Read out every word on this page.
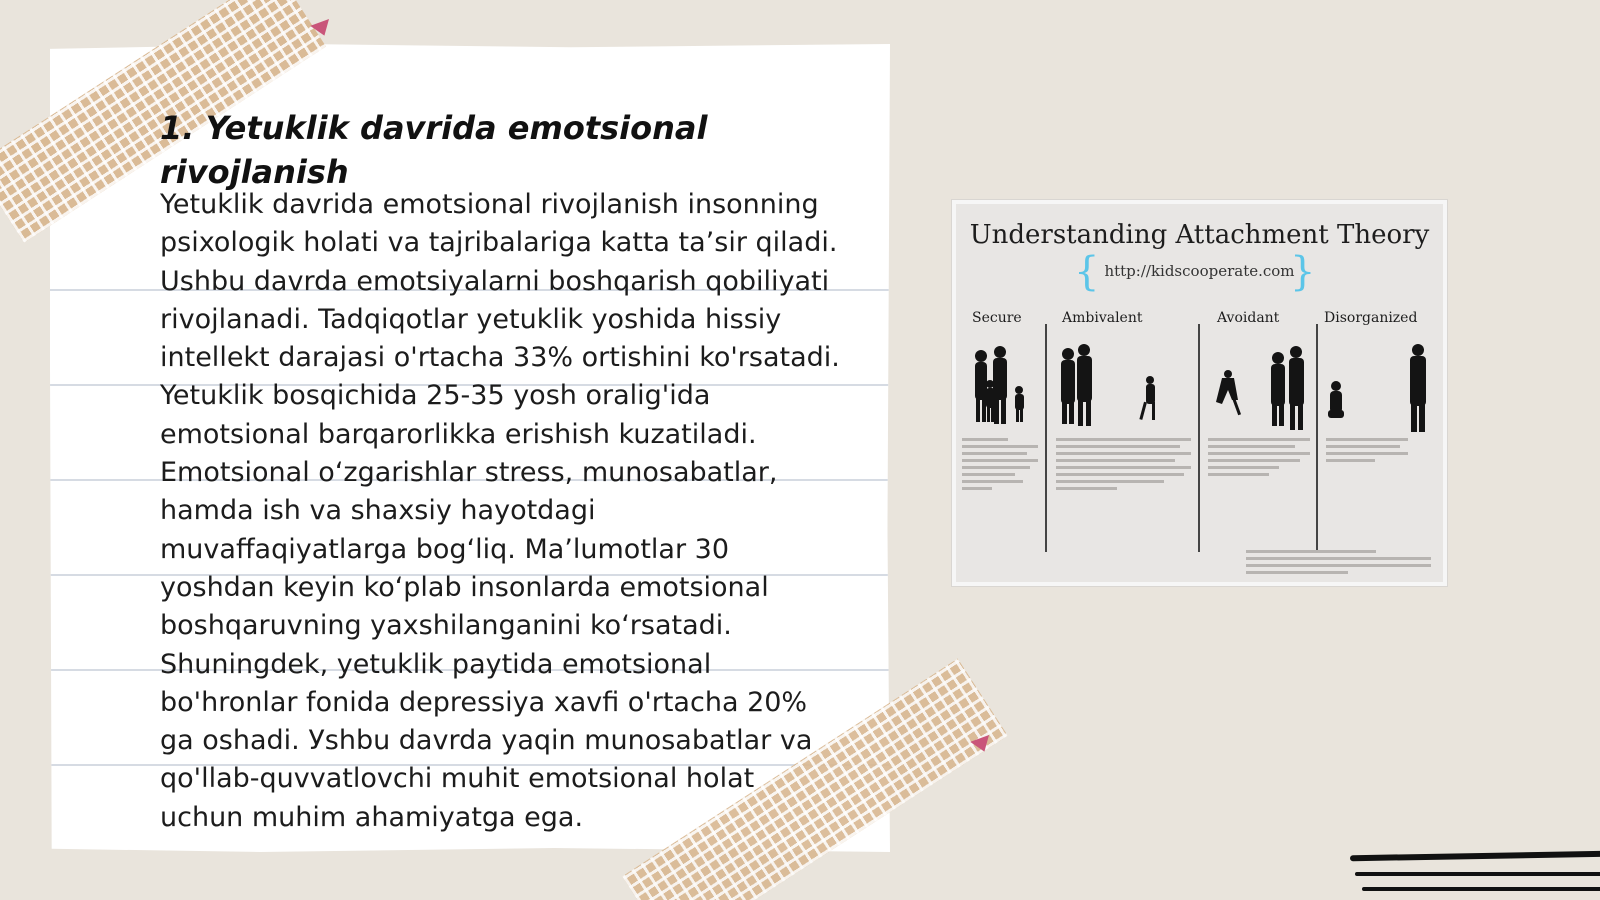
1. Yetuklik davrida emotsional rivojlanish

Yetuklik davrida emotsional rivojlanish insonning psixologik holati va tajribalariga katta ta’sir qiladi. Ushbu davrda emotsiyalarni boshqarish qobiliyati rivojlanadi. Tadqiqotlar yetuklik yoshida hissiy intellekt darajasi o'rtacha 33% ortishini ko'rsatadi. Yetuklik bosqichida 25-35 yosh oralig'ida emotsional barqarorlikka erishish kuzatiladi. Emotsional o‘zgarishlar stress, munosabatlar, hamda ish va shaxsiy hayotdagi muvaffaqiyatlarga bog‘liq. Ma’lumotlar 30 yoshdan keyin ko‘plab insonlarda emotsional boshqaruvning yaxshilanganini ko‘rsatadi. Shuningdek, yetuklik paytida emotsional bo'hronlar fonida depressiya xavfi o'rtacha 20% ga oshadi. Уshbu davrda yaqin munosabatlar va qo'llab-quvvatlovchi muhit emotsional holat uchun muhim ahamiyatga ega.

Understanding Attachment Theory
{ http://kidscooperate.com
}
Secure	Ambivalent	Avoidant	Disorganized
